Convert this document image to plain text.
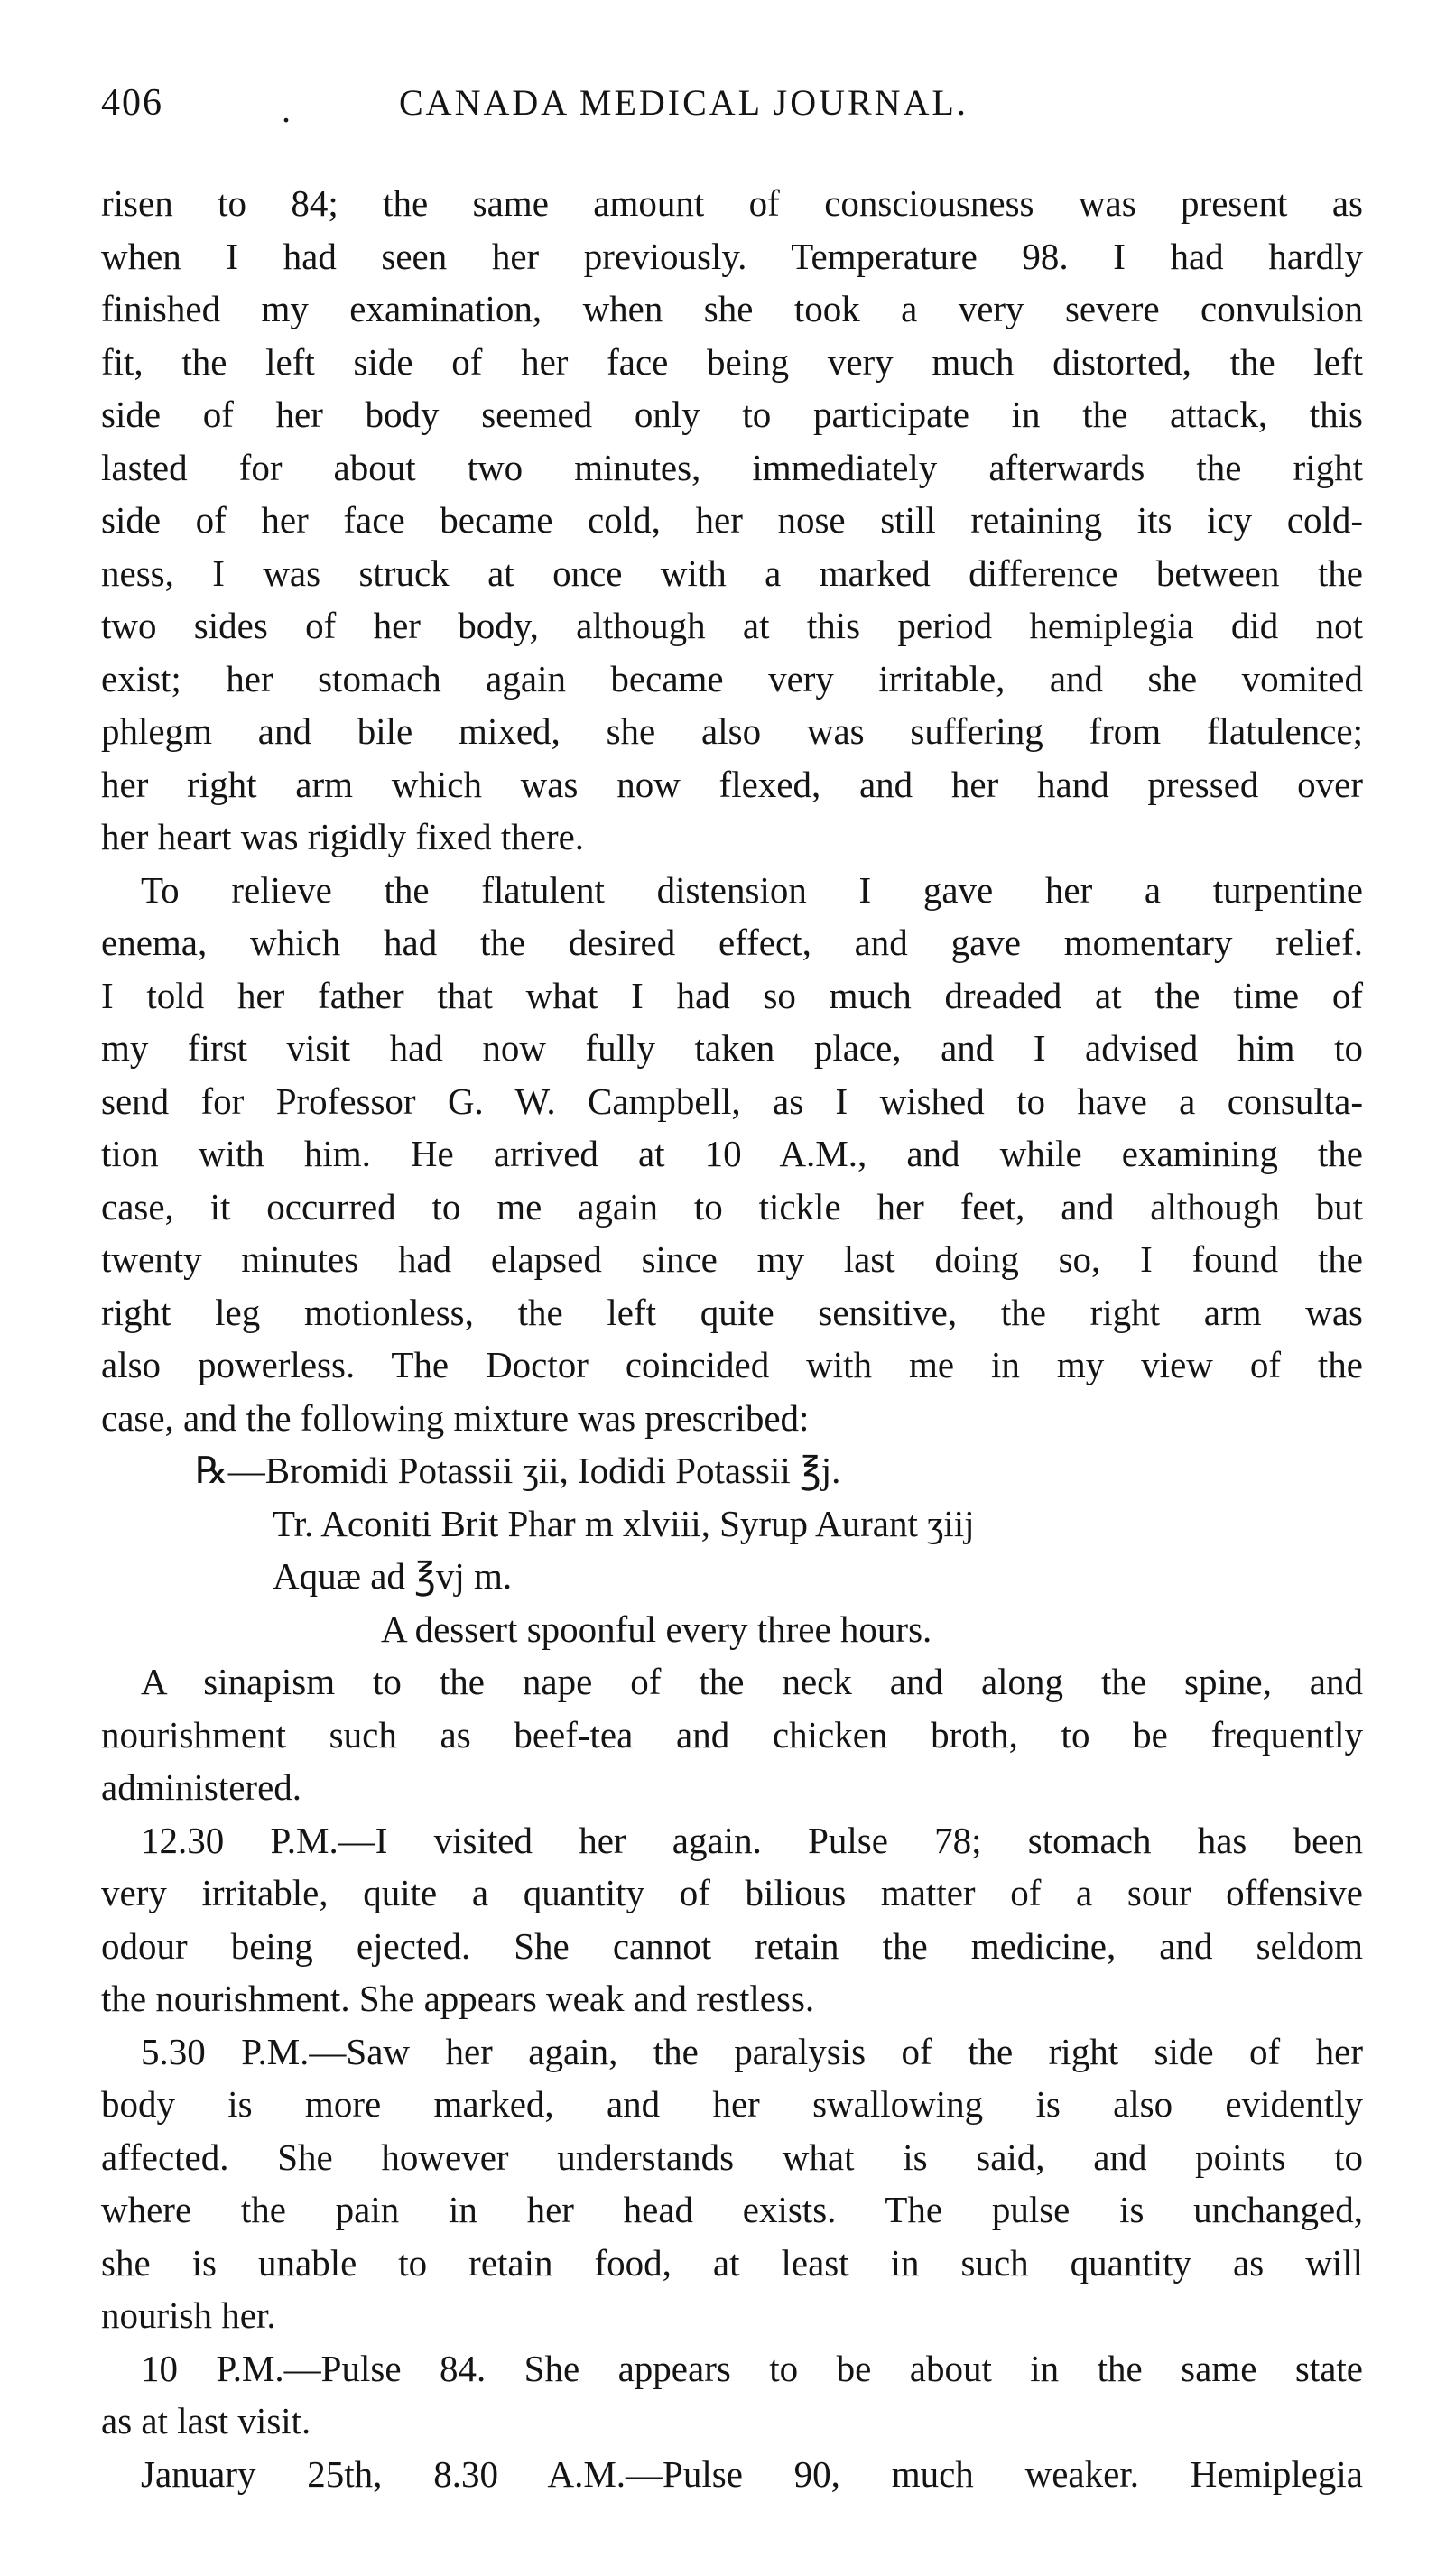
406	.	CANADA MEDICAL JOURNAL.
risen to 84; the same amount of consciousness was present as
when I had seen her previously. Temperature 98. I had hardly
finished my examination, when she took a very severe convulsion
fit, the left side of her face being very much distorted, the left
side of her body seemed only to participate in the attack, this
lasted for about two minutes, immediately afterwards the right
side of her face became cold, her nose still retaining its icy cold-
ness, I was struck at once with a marked difference between the
two sides of her body, although at this period hemiplegia did not
exist; her stomach again became very irritable, and she vomited
phlegm and bile mixed, she also was suffering from flatulence;
her right arm which was now flexed, and her hand pressed over
her heart was rigidly fixed there.
To relieve the flatulent distension I gave her a turpentine
enema, which had the desired effect, and gave momentary relief.
I told her father that what I had so much dreaded at the time of
my first visit had now fully taken place, and I advised him to
send for Professor G. W. Campbell, as I wished to have a consulta-
tion with him. He arrived at 10 A.M., and while examining the
case, it occurred to me again to tickle her feet, and although but
twenty minutes had elapsed since my last doing so, I found the
right leg motionless, the left quite sensitive, the right arm was
also powerless. The Doctor coincided with me in my view of the
case, and the following mixture was prescribed:
℞—Bromidi Potassii ʒii, Iodidi Potassii ℥j.
Tr. Aconiti Brit Phar m xlviii, Syrup Aurant ʒiij
Aquæ ad ℥vj m.
A dessert spoonful every three hours.
A sinapism to the nape of the neck and along the spine, and
nourishment such as beef-tea and chicken broth, to be frequently
administered.
12.30 P.M.—I visited her again. Pulse 78; stomach has been
very irritable, quite a quantity of bilious matter of a sour offensive
odour being ejected. She cannot retain the medicine, and seldom
the nourishment. She appears weak and restless.
5.30 P.M.—Saw her again, the paralysis of the right side of her
body is more marked, and her swallowing is also evidently
affected. She however understands what is said, and points to
where the pain in her head exists. The pulse is unchanged,
she is unable to retain food, at least in such quantity as will
nourish her.
10 P.M.—Pulse 84. She appears to be about in the same state
as at last visit.
January 25th, 8.30 A.M.—Pulse 90, much weaker. Hemiplegia
